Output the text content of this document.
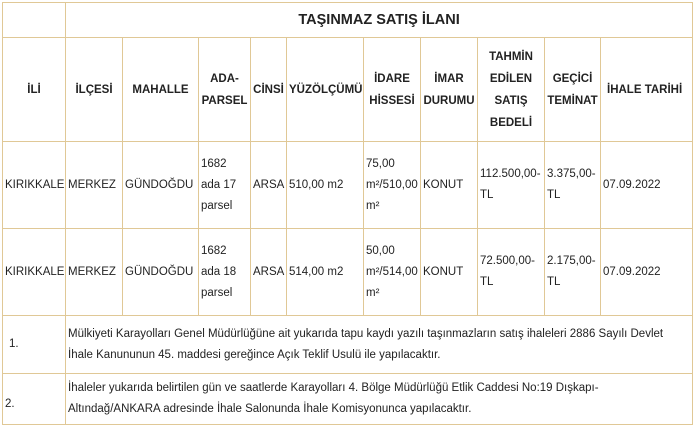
	TAŞINMAZ SATIŞ İLANI									
İLİ	İLÇESİ	MAHALLE	ADA-PARSEL	CİNSİ	YÜZÖLÇÜMÜ	İDARE HİSSESİ	İMAR DURUMU	TAHMİN EDİLEN SATIŞ BEDELİ	GEÇİCİ TEMİNAT	İHALE TARİHİ
KIRIKKALE	MERKEZ	GÜNDOĞDU	1682 ada 17 parsel	ARSA	510,00 m2	75,00 m²/510,00 m²	KONUT	112.500,00-TL	3.375,00-TL	07.09.2022
KIRIKKALE	MERKEZ	GÜNDOĞDU	1682 ada 18 parsel	ARSA	514,00 m2	50,00 m²/514,00 m²	KONUT	72.500,00-TL	2.175,00-TL	07.09.2022
1.	Mülkiyeti Karayolları Genel Müdürlüğüne ait yukarıda tapu kaydı yazılı taşınmazların satış ihaleleri 2886 Sayılı Devlet İhale Kanununun 45. maddesi gereğince Açık Teklif Usulü ile yapılacaktır.									
2.	İhaleler yukarıda belirtilen gün ve saatlerde Karayolları 4. Bölge Müdürlüğü Etlik Caddesi No:19 Dışkapı-Altındağ/ANKARA adresinde İhale Salonunda İhale Komisyonunca yapılacaktır.									
